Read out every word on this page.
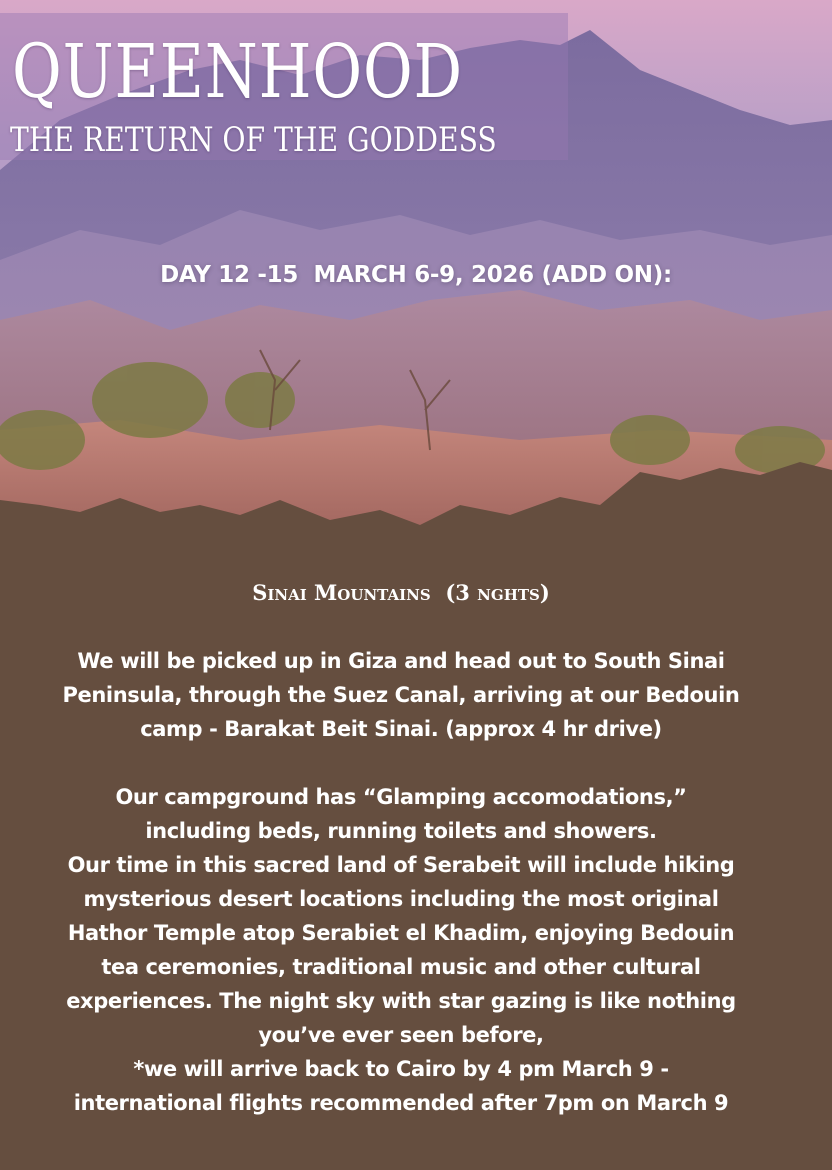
QUEENHOOD
THE RETURN OF THE GODDESS
DAY 12 -15  MARCH 6-9, 2026 (ADD ON):
Sinai Mountains  (3 nghts)

We will be picked up in Giza and head out to South Sinai
Peninsula, through the Suez Canal, arriving at our Bedouin
camp - Barakat Beit Sinai. (approx 4 hr drive)

Our campground has “Glamping accomodations,”
including beds, running toilets and showers.
Our time in this sacred land of Serabeit will include hiking
mysterious desert locations including the most original
Hathor Temple atop Serabiet el Khadim, enjoying Bedouin
tea ceremonies, traditional music and other cultural
experiences. The night sky with star gazing is like nothing
you’ve ever seen before,
*we will arrive back to Cairo by 4 pm March 9 -
international flights recommended after 7pm on March 9
